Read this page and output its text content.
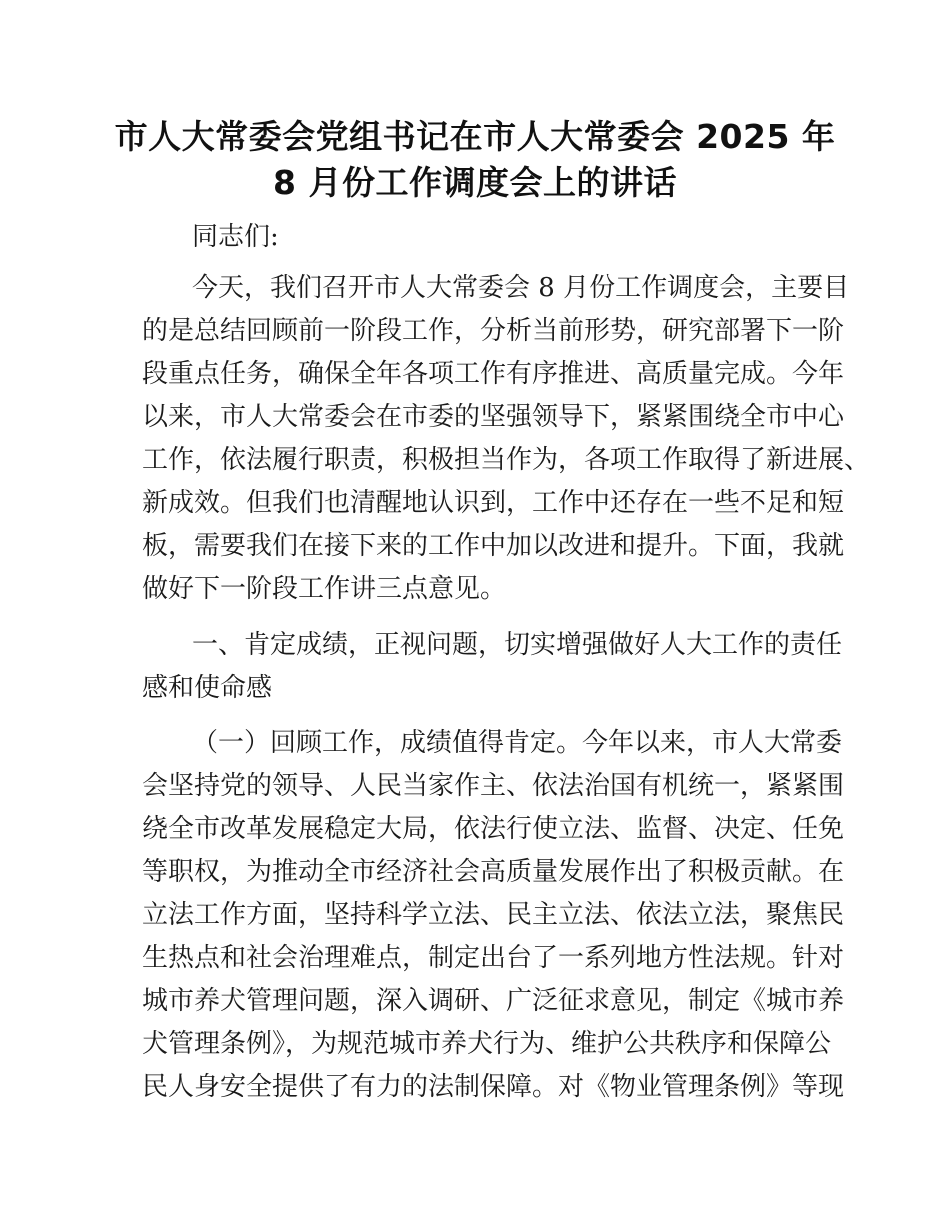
市人大常委会党组书记在市人大常委会 2025 年
8 月份工作调度会上的讲话
同志们:
今天，我们召开市人大常委会 8 月份工作调度会，主要目
的是总结回顾前一阶段工作，分析当前形势，研究部署下一阶
段重点任务，确保全年各项工作有序推进、高质量完成。今年
以来，市人大常委会在市委的坚强领导下，紧紧围绕全市中心
工作，依法履行职责，积极担当作为，各项工作取得了新进展、
新成效。但我们也清醒地认识到，工作中还存在一些不足和短
板，需要我们在接下来的工作中加以改进和提升。下面，我就
做好下一阶段工作讲三点意见。
一、肯定成绩，正视问题，切实增强做好人大工作的责任
感和使命感
（一）回顾工作，成绩值得肯定。今年以来，市人大常委
会坚持党的领导、人民当家作主、依法治国有机统一，紧紧围
绕全市改革发展稳定大局，依法行使立法、监督、决定、任免
等职权，为推动全市经济社会高质量发展作出了积极贡献。在
立法工作方面，坚持科学立法、民主立法、依法立法，聚焦民
生热点和社会治理难点，制定出台了一系列地方性法规。针对
城市养犬管理问题，深入调研、广泛征求意见，制定《城市养
犬管理条例》，为规范城市养犬行为、维护公共秩序和保障公
民人身安全提供了有力的法制保障。对《物业管理条例》等现
